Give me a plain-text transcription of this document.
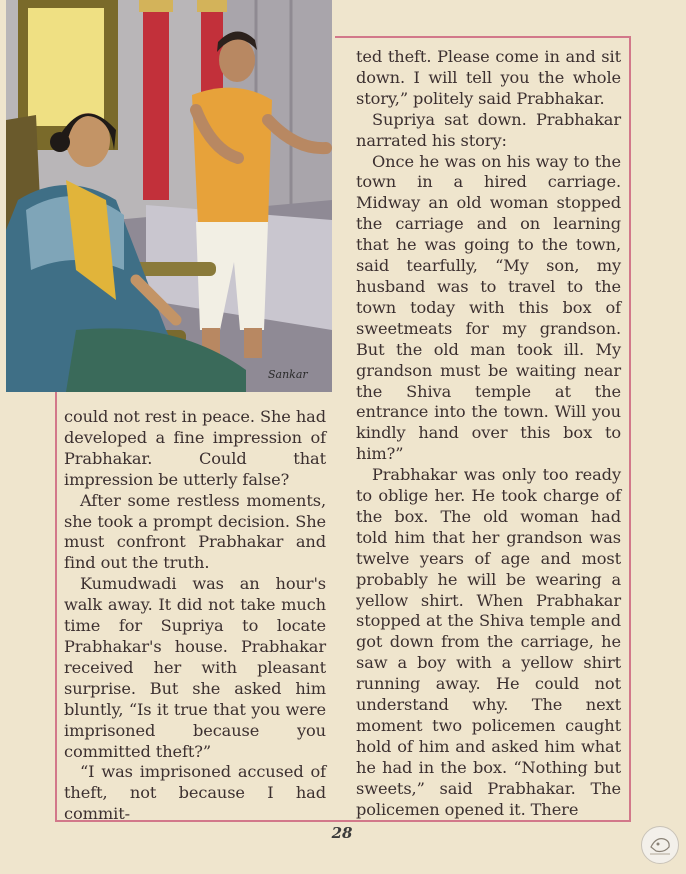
Sankar

could not rest in peace. She had developed a fine impression of Prabhakar. Could that impression be utterly false?

After some restless moments, she took a prompt decision. She must confront Prabhakar and find out the truth.

Kumudwadi was an hour's walk away. It did not take much time for Supriya to locate Prabhakar's house. Prabhakar received her with pleasant surprise. But she asked him bluntly, “Is it true that you were imprisoned because you committed theft?”

“I was imprisoned accused of theft, not because I had commit-

ted theft. Please come in and sit down. I will tell you the whole story,” politely said Prabhakar.

Supriya sat down. Prabhakar narrated his story:

Once he was on his way to the town in a hired carriage. Midway an old woman stopped the carriage and on learning that he was going to the town, said tearfully, “My son, my husband was to travel to the town today with this box of sweetmeats for my grandson. But the old man took ill. My grandson must be waiting near the Shiva temple at the entrance into the town. Will you kindly hand over this box to him?”

Prabhakar was only too ready to oblige her. He took charge of the box. The old woman had told him that her grandson was twelve years of age and most probably he will be wearing a yellow shirt. When Prabhakar stopped at the Shiva temple and got down from the carriage, he saw a boy with a yellow shirt running away. He could not understand why. The next moment two policemen caught hold of him and asked him what he had in the box. “Nothing but sweets,” said Prabhakar. The policemen opened it. There

28
